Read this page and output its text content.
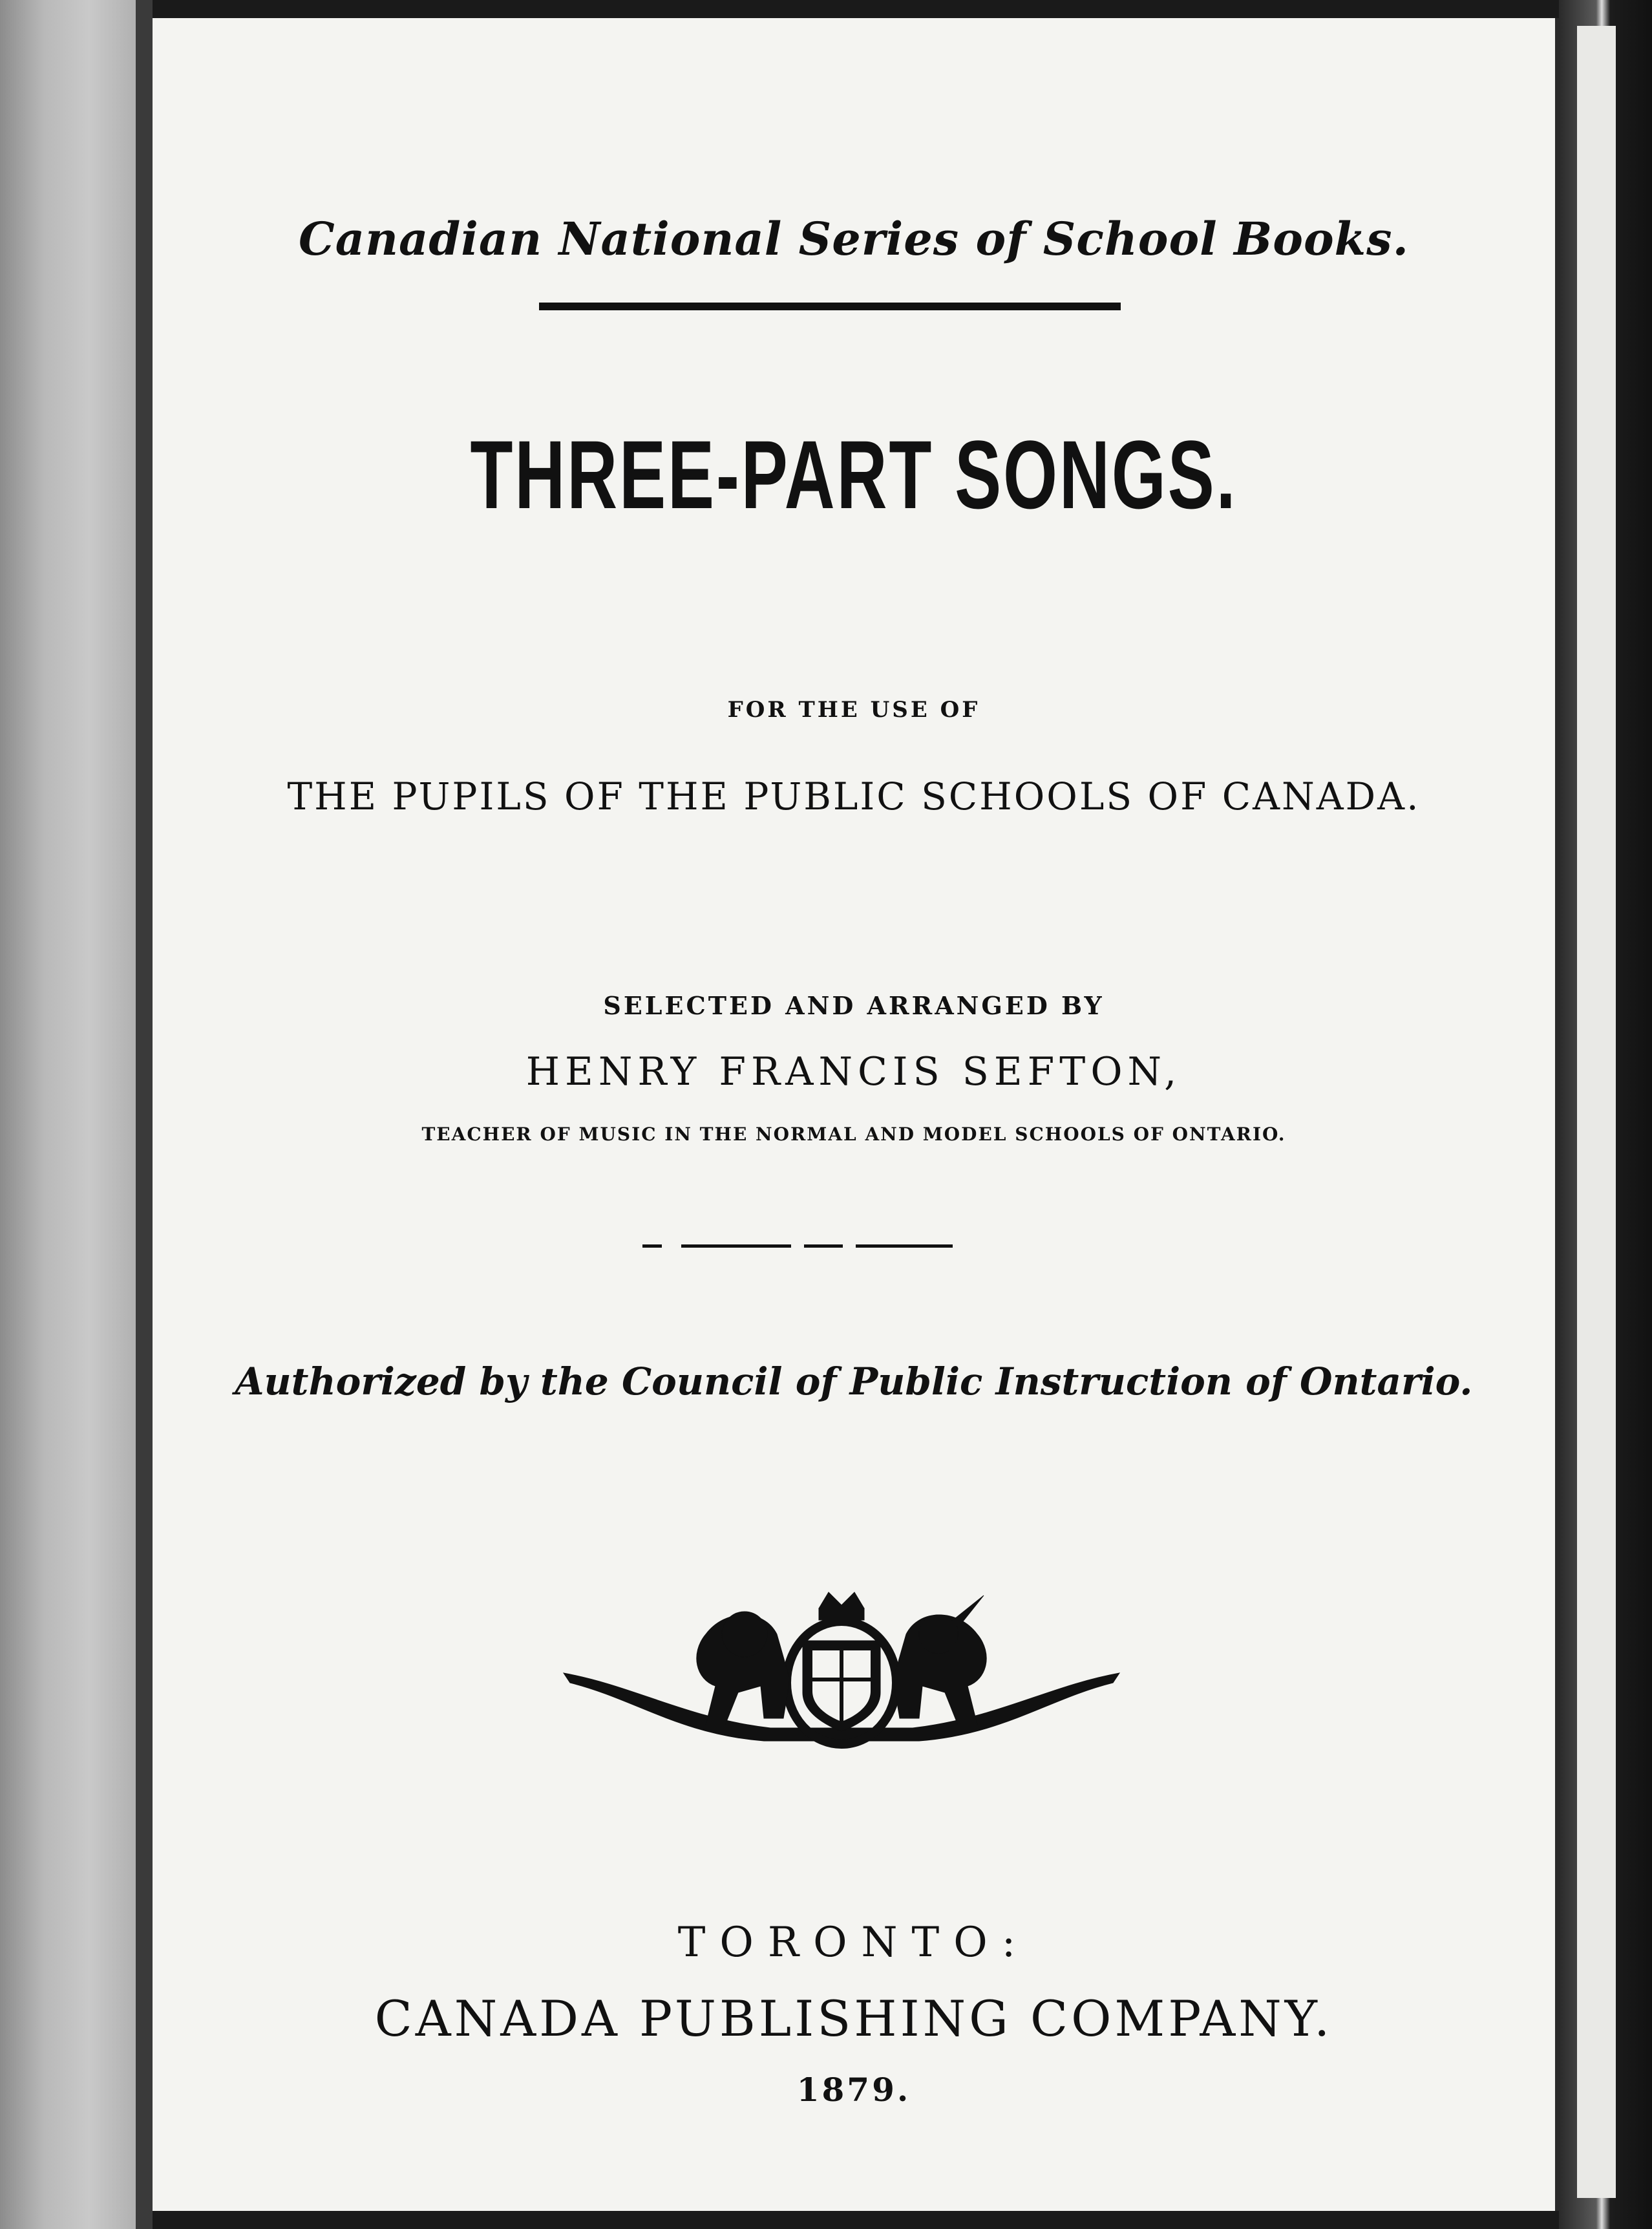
Canadian National Series of School Books.
THREE-PART SONGS.
FOR THE USE OF
THE PUPILS OF THE PUBLIC SCHOOLS OF CANADA.
SELECTED AND ARRANGED BY
HENRY FRANCIS SEFTON,
TEACHER OF MUSIC IN THE NORMAL AND MODEL SCHOOLS OF ONTARIO.
Authorized by the Council of Public Instruction of Ontario.
TORONTO:
CANADA PUBLISHING COMPANY.
1879.
